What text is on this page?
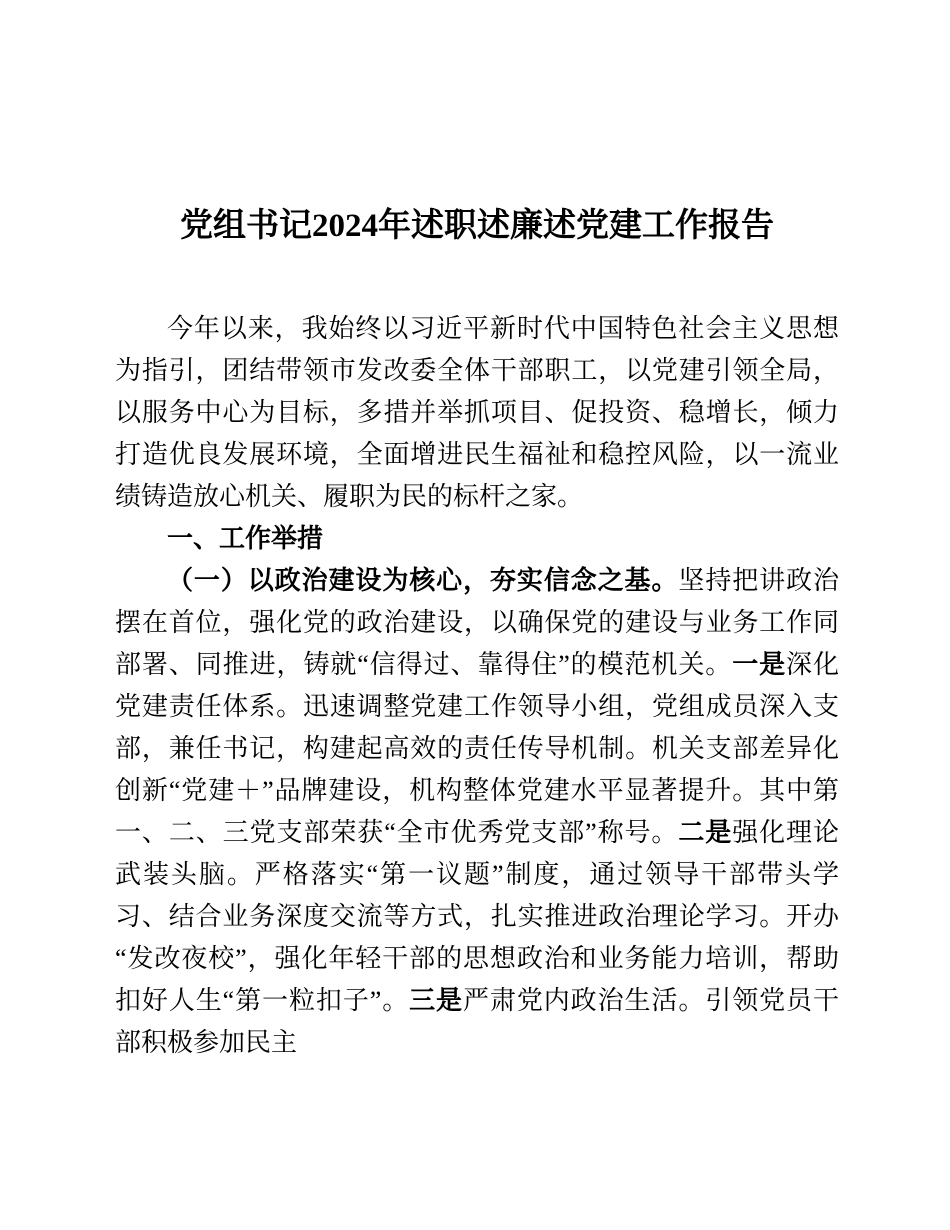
党组书记2024年述职述廉述党建工作报告

今年以来，我始终以习近平新时代中国特色社会主义思想为指引，团结带领市发改委全体干部职工，以党建引领全局，以服务中心为目标，多措并举抓项目、促投资、稳增长，倾力打造优良发展环境，全面增进民生福祉和稳控风险，以一流业绩铸造放心机关、履职为民的标杆之家。

一、工作举措

（一）以政治建设为核心，夯实信念之基。坚持把讲政治摆在首位，强化党的政治建设，以确保党的建设与业务工作同部署、同推进，铸就“信得过、靠得住”的模范机关。一是深化党建责任体系。迅速调整党建工作领导小组，党组成员深入支部，兼任书记，构建起高效的责任传导机制。机关支部差异化创新“党建＋”品牌建设，机构整体党建水平显著提升。其中第一、二、三党支部荣获“全市优秀党支部”称号。二是强化理论武装头脑。严格落实“第一议题”制度，通过领导干部带头学习、结合业务深度交流等方式，扎实推进政治理论学习。开办“发改夜校”，强化年轻干部的思想政治和业务能力培训，帮助扣好人生“第一粒扣子”。三是严肃党内政治生活。引领党员干部积极参加民主
